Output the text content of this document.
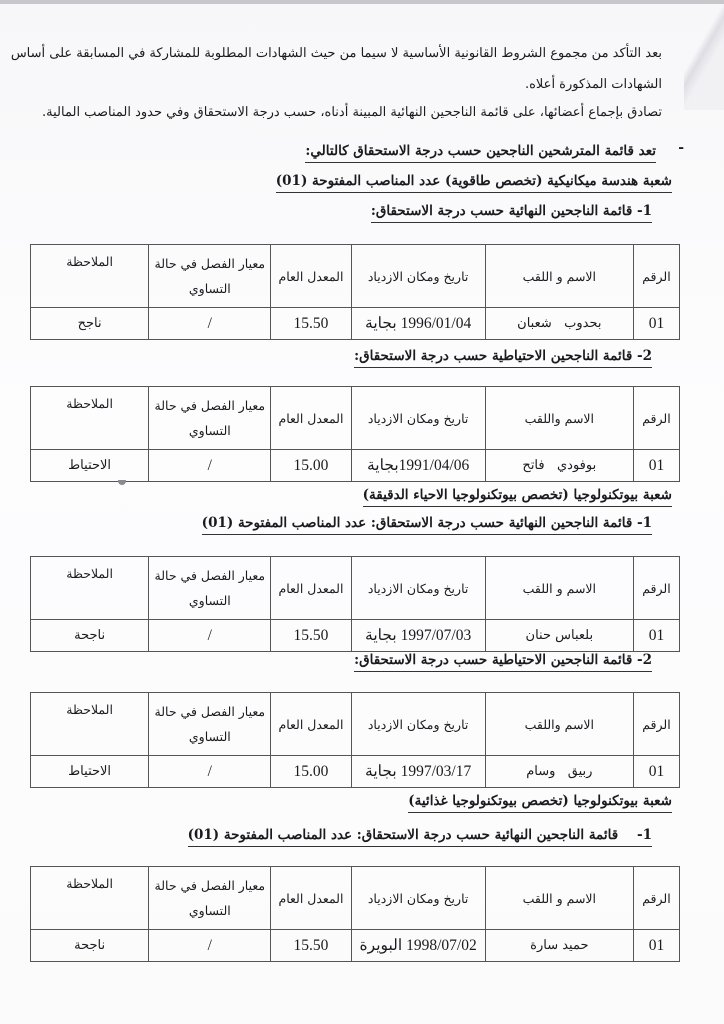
بعد التأكد من مجموع الشروط القانونية الأساسية لا سيما من حيث الشهادات المطلوبة للمشاركة في المسابقة على أساس
الشهادات المذكورة أعلاه.
تصادق بإجماع أعضائها، على قائمة الناجحين النهائية المبينة أدناه، حسب درجة الاستحقاق وفي حدود المناصب المالية.
-
تعد قائمة المترشحين الناجحين حسب درجة الاستحقاق كالتالي:
شعبة هندسة ميكانيكية (تخصص طاقوية) عدد المناصب المفتوحة (01)
1- قائمة الناجحين النهائية حسب درجة الاستحقاق:
الرقم	الاسم و اللقب	تاريخ ومكان الازدياد	المعدل العام	معيار الفصل في حالة
التساوي	الملاحظة
01	بحدوب   شعبان	1996/01/04 بجاية	15.50	/	ناجح
2- قائمة الناجحين الاحتياطية حسب درجة الاستحقاق:
الرقم	الاسم واللقب	تاريخ ومكان الازدياد	المعدل العام	معيار الفصل في حالة
التساوي	الملاحظة
01	بوفودي   فاتح	1991/04/06بجاية	15.00	/	الاحتياط
شعبة بيوتكنولوجيا (تخصص بيوتكنولوجيا الاحياء الدقيقة)
1- قائمة الناجحين النهائية حسب درجة الاستحقاق: عدد المناصب المفتوحة (01)
الرقم	الاسم و اللقب	تاريخ ومكان الازدياد	المعدل العام	معيار الفصل في حالة
التساوي	الملاحظة
01	بلعباس حنان	1997/07/03 بجاية	15.50	/	ناجحة
2- قائمة الناجحين الاحتياطية حسب درجة الاستحقاق:
الرقم	الاسم واللقب	تاريخ ومكان الازدياد	المعدل العام	معيار الفصل في حالة
التساوي	الملاحظة
01	ربيق   وسام	1997/03/17 بجاية	15.00	/	الاحتياط
شعبة بيوتكنولوجيا (تخصص بيوتكنولوجيا غذائية)
1-    قائمة الناجحين النهائية حسب درجة الاستحقاق: عدد المناصب المفتوحة (01)
الرقم	الاسم و اللقب	تاريخ ومكان الازدياد	المعدل العام	معيار الفصل في حالة
التساوي	الملاحظة
01	حميد سارة	1998/07/02 البويرة	15.50	/	ناجحة
